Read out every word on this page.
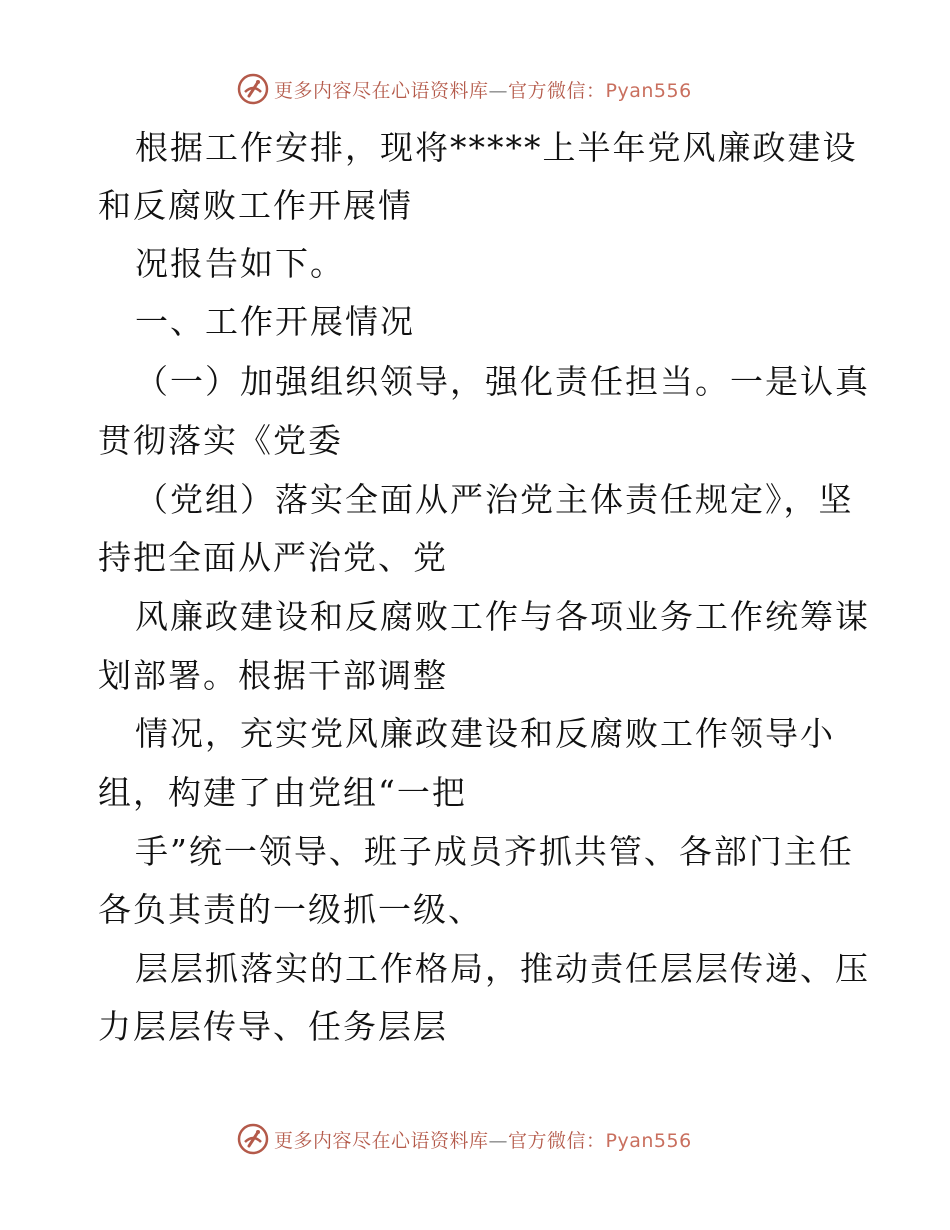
更多内容尽在心语资料库—官方微信：Pyan556
根据工作安排，现将*****上半年党风廉政建设
和反腐败工作开展情
况报告如下。
一、工作开展情况
（一）加强组织领导，强化责任担当。一是认真
贯彻落实《党委
（党组）落实全面从严治党主体责任规定》，坚
持把全面从严治党、党
风廉政建设和反腐败工作与各项业务工作统筹谋
划部署。根据干部调整
情况，充实党风廉政建设和反腐败工作领导小
组，构建了由党组“一把
手”统一领导、班子成员齐抓共管、各部门主任
各负其责的一级抓一级、
层层抓落实的工作格局，推动责任层层传递、压
力层层传导、任务层层
更多内容尽在心语资料库—官方微信：Pyan556
